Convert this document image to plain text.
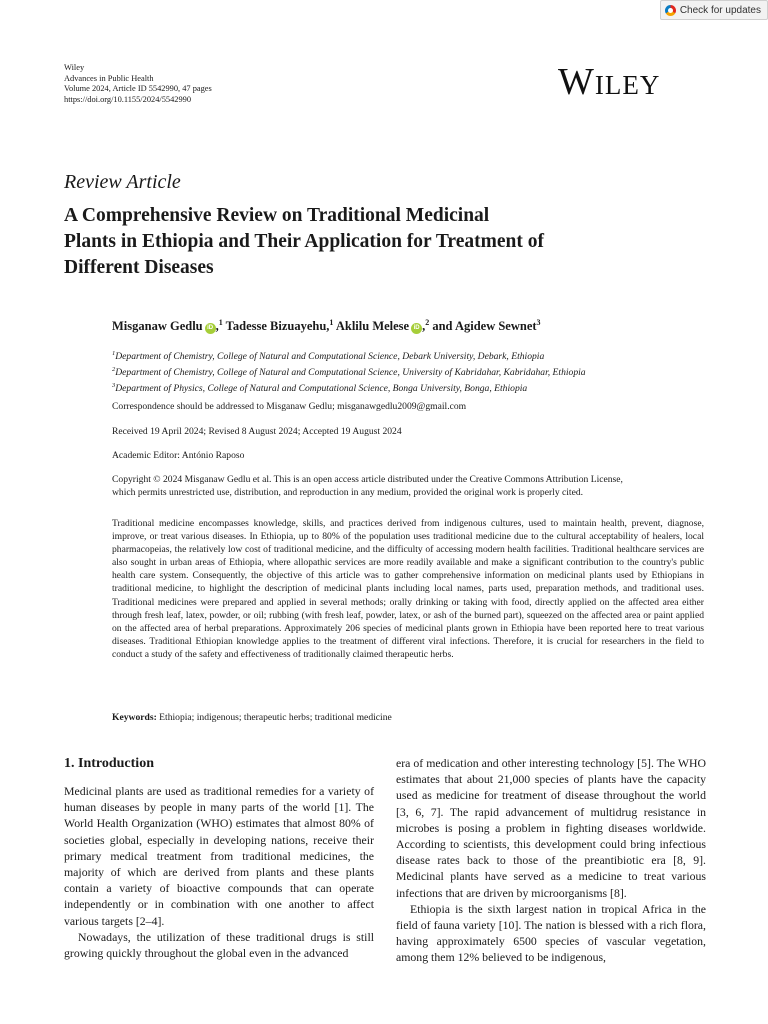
Check for updates
Wiley
Advances in Public Health
Volume 2024, Article ID 5542990, 47 pages
https://doi.org/10.1155/2024/5542990	Wiley
Review Article
A Comprehensive Review on Traditional Medicinal
Plants in Ethiopia and Their Application for Treatment of
Different Diseases
Misganaw Gedlu iD ,$^1$ Tadesse Bizuayehu,$^1$ Aklilu Melese iD ,$^2$ and Agidew Sewnet$^3$
$^1$Department of Chemistry, College of Natural and Computational Science, Debark University, Debark, Ethiopia
$^2$Department of Chemistry, College of Natural and Computational Science, University of Kabridahar, Kabridahar, Ethiopia
$^3$Department of Physics, College of Natural and Computational Science, Bonga University, Bonga, Ethiopia
Correspondence should be addressed to Misganaw Gedlu; misganawgedlu2009@gmail.com
Received 19 April 2024; Revised 8 August 2024; Accepted 19 August 2024
Academic Editor: António Raposo
Copyright © 2024 Misganaw Gedlu et al. This is an open access article distributed under the Creative Commons Attribution License,
which permits unrestricted use, distribution, and reproduction in any medium, provided the original work is properly cited.
Traditional medicine encompasses knowledge, skills, and practices derived from indigenous cultures, used to maintain health, prevent, diagnose, improve, or treat various diseases. In Ethiopia, up to 80% of the population uses traditional medicine due to the cultural acceptability of healers, local pharmacopeias, the relatively low cost of traditional medicine, and the difficulty of accessing modern health facilities. Traditional healthcare services are also sought in urban areas of Ethiopia, where allopathic services are more readily available and make a significant contribution to the country's public health care system. Consequently, the objective of this article was to gather comprehensive information on medicinal plants used by Ethiopians in traditional medicine, to highlight the description of medicinal plants including local names, parts used, preparation methods, and traditional uses. Traditional medicines were prepared and applied in several methods; orally drinking or taking with food, directly applied on the affected area either through fresh leaf, latex, powder, or oil; rubbing (with fresh leaf, powder, latex, or ash of the burned part), squeezed on the affected area or paint applied on the affected area of herbal preparations. Approximately 206 species of medicinal plants grown in Ethiopia have been reported here to treat various diseases. Traditional Ethiopian knowledge applies to the treatment of different viral infections. Therefore, it is crucial for researchers in the field to conduct a study of the safety and effectiveness of traditionally claimed therapeutic herbs.
Keywords: Ethiopia; indigenous; therapeutic herbs; traditional medicine
1. Introduction

Medicinal plants are used as traditional remedies for a variety of human diseases by people in many parts of the world [1]. The World Health Organization (WHO) estimates that almost 80% of societies global, especially in developing nations, receive their primary medical treatment from traditional medicines, the majority of which are derived from plants and these plants contain a variety of bioactive compounds that can operate independently or in combination with one another to affect various targets [2–4].

Nowadays, the utilization of these traditional drugs is still growing quickly throughout the global even in the advanced

era of medication and other interesting technology [5]. The WHO estimates that about 21,000 species of plants have the capacity used as medicine for treatment of disease throughout the world [3, 6, 7]. The rapid advancement of multidrug resistance in microbes is posing a problem in fighting diseases worldwide. According to scientists, this development could bring infectious disease rates back to those of the preantibiotic era [8, 9]. Medicinal plants have served as a medicine to treat various infections that are driven by microorganisms [8].

Ethiopia is the sixth largest nation in tropical Africa in the field of fauna variety [10]. The nation is blessed with a rich flora, having approximately 6500 species of vascular vegetation, among them 12% believed to be indigenous,
